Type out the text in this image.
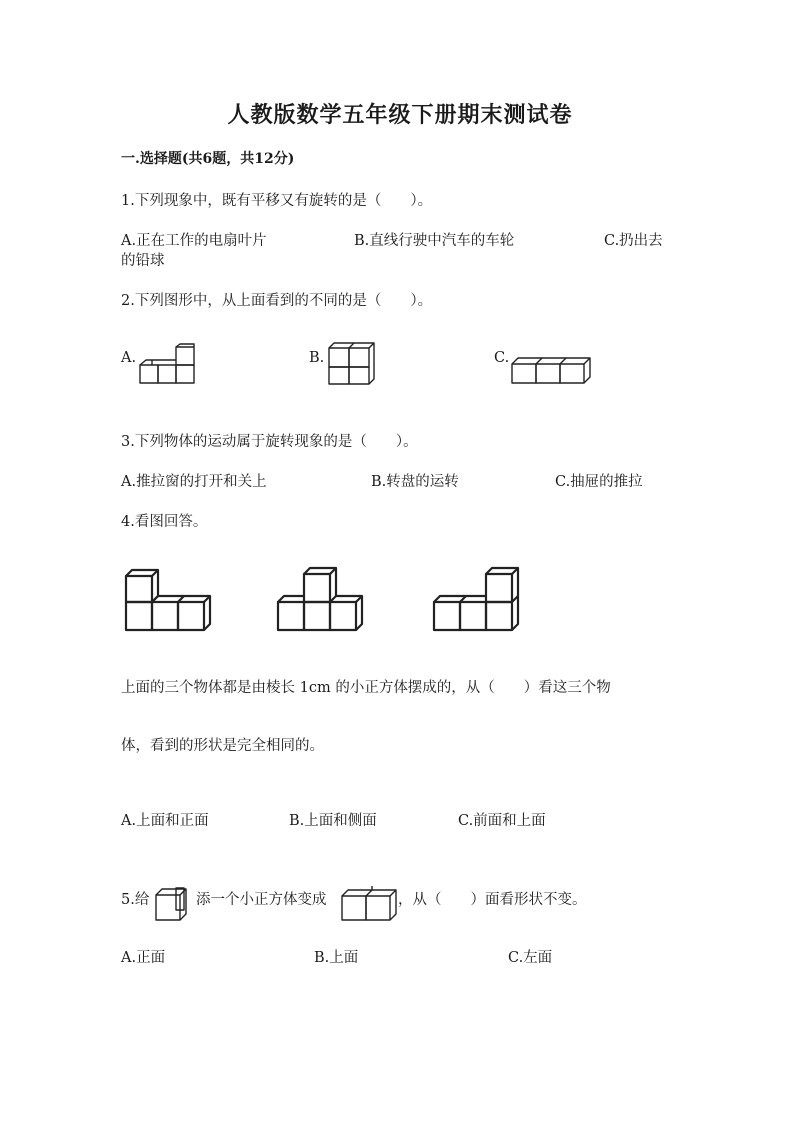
人教版数学五年级下册期末测试卷
一.选择题(共6题，共12分)
1.下列现象中，既有平移又有旋转的是（　　）。
A.正在工作的电扇叶片	B.直线行驶中汽车的车轮	C.扔出去
的铅球
2.下列图形中，从上面看到的不同的是（　　）。
A.	B.	C.
3.下列物体的运动属于旋转现象的是（　　）。
A.推拉窗的打开和关上	B.转盘的运转	C.抽屉的推拉
4.看图回答。
上面的三个物体都是由棱长 1cm 的小正方体摆成的，从（　　）看这三个物
体，看到的形状是完全相同的。
A.上面和正面	B.上面和侧面	C.前面和上面
5.给	添一个小正方体变成	，从（　　）面看形状不变。
A.正面	B.上面	C.左面
